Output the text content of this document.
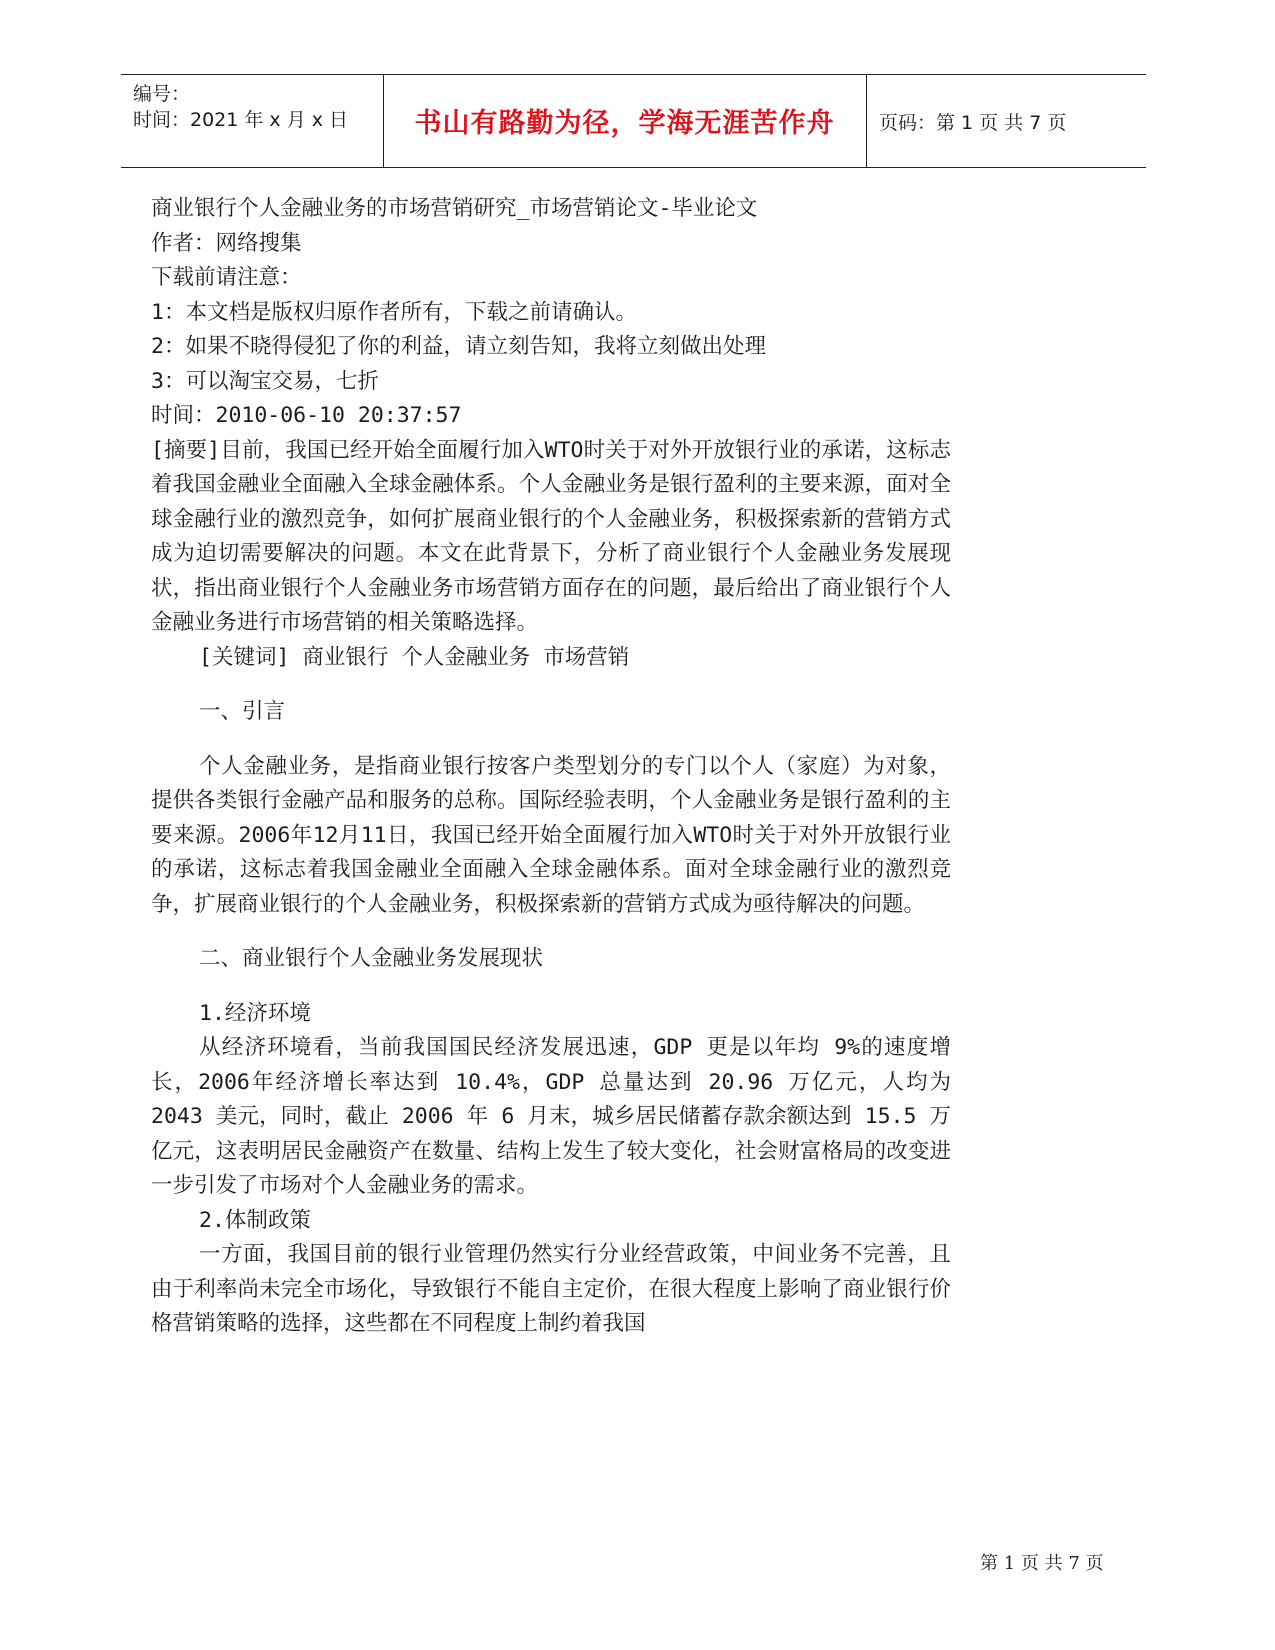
编号：
时间：2021 年 x 月 x 日	书山有路勤为径，学海无涯苦作舟	页码：第 1 页 共 7 页
商业银行个人金融业务的市场营销研究_市场营销论文-毕业论文
作者：网络搜集
下载前请注意：
1：本文档是版权归原作者所有，下载之前请确认。
2：如果不晓得侵犯了你的利益，请立刻告知，我将立刻做出处理
3：可以淘宝交易，七折
时间：2010-06-10 20:37:57
[摘要]目前，我国已经开始全面履行加入WTO时关于对外开放银行业的承诺，这标志着我国金融业全面融入全球金融体系。个人金融业务是银行盈利的主要来源，面对全球金融行业的激烈竞争，如何扩展商业银行的个人金融业务，积极探索新的营销方式成为迫切需要解决的问题。本文在此背景下，分析了商业银行个人金融业务发展现状，指出商业银行个人金融业务市场营销方面存在的问题，最后给出了商业银行个人金融业务进行市场营销的相关策略选择。
[关键词] 商业银行 个人金融业务 市场营销
一、引言
个人金融业务，是指商业银行按客户类型划分的专门以个人（家庭）为对象，提供各类银行金融产品和服务的总称。国际经验表明，个人金融业务是银行盈利的主要来源。2006年12月11日，我国已经开始全面履行加入WTO时关于对外开放银行业的承诺，这标志着我国金融业全面融入全球金融体系。面对全球金融行业的激烈竞争，扩展商业银行的个人金融业务，积极探索新的营销方式成为亟待解决的问题。
二、商业银行个人金融业务发展现状
1.经济环境
从经济环境看，当前我国国民经济发展迅速，GDP 更是以年均 9%的速度增长，2006年经济增长率达到 10.4%，GDP 总量达到 20.96 万亿元，人均为 2043 美元，同时，截止 2006 年 6 月末，城乡居民储蓄存款余额达到 15.5 万亿元，这表明居民金融资产在数量、结构上发生了较大变化，社会财富格局的改变进一步引发了市场对个人金融业务的需求。
2.体制政策
一方面，我国目前的银行业管理仍然实行分业经营政策，中间业务不完善，且由于利率尚未完全市场化，导致银行不能自主定价，在很大程度上影响了商业银行价格营销策略的选择，这些都在不同程度上制约着我国
第 1 页 共 7 页
